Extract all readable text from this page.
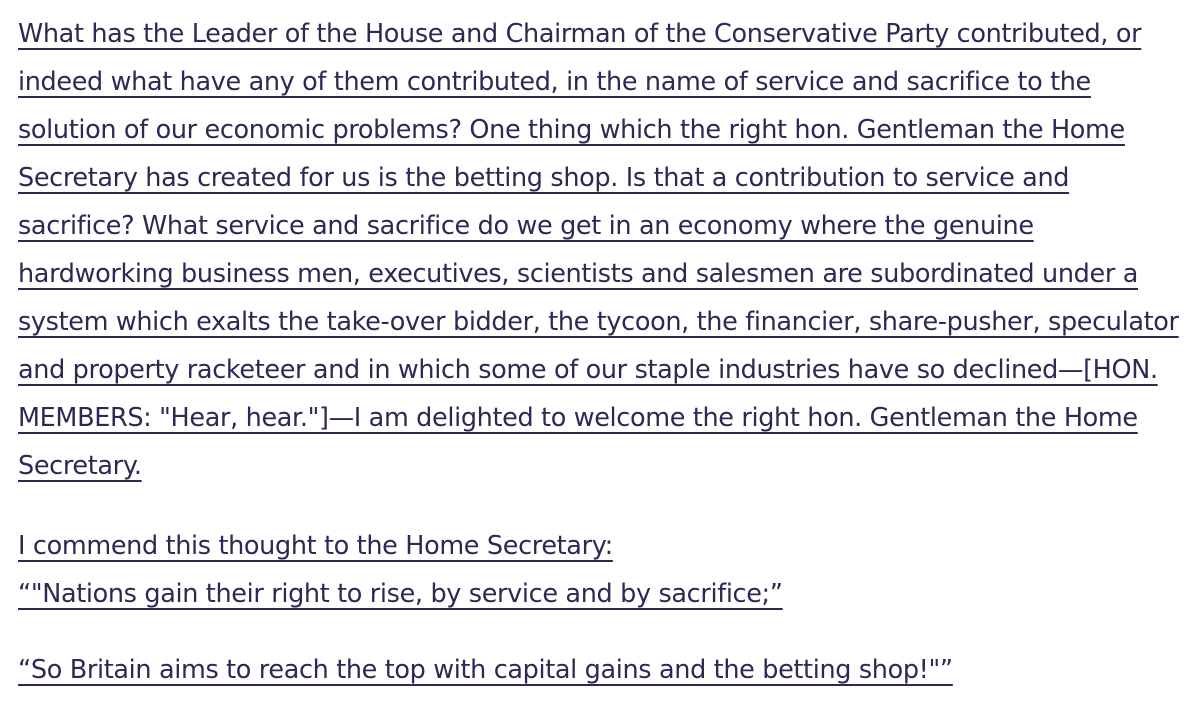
What has the Leader of the House and Chairman of the Conservative Party contributed, or indeed what have any of them contributed, in the name of service and sacrifice to the solution of our economic problems? One thing which the right hon. Gentleman the Home Secretary has created for us is the betting shop. Is that a contribution to service and sacrifice? What service and sacrifice do we get in an economy where the genuine hardworking business men, executives, scientists and salesmen are subordinated under a system which exalts the take-over bidder, the tycoon, the financier, share-pusher, speculator and property racketeer and in which some of our staple industries have so declined—[HON. MEMBERS: "Hear, hear."]—I am delighted to welcome the right hon. Gentleman the Home Secretary.

I commend this thought to the Home Secretary:
“"Nations gain their right to rise, by service and by sacrifice;”

“So Britain aims to reach the top with capital gains and the betting shop!"”
